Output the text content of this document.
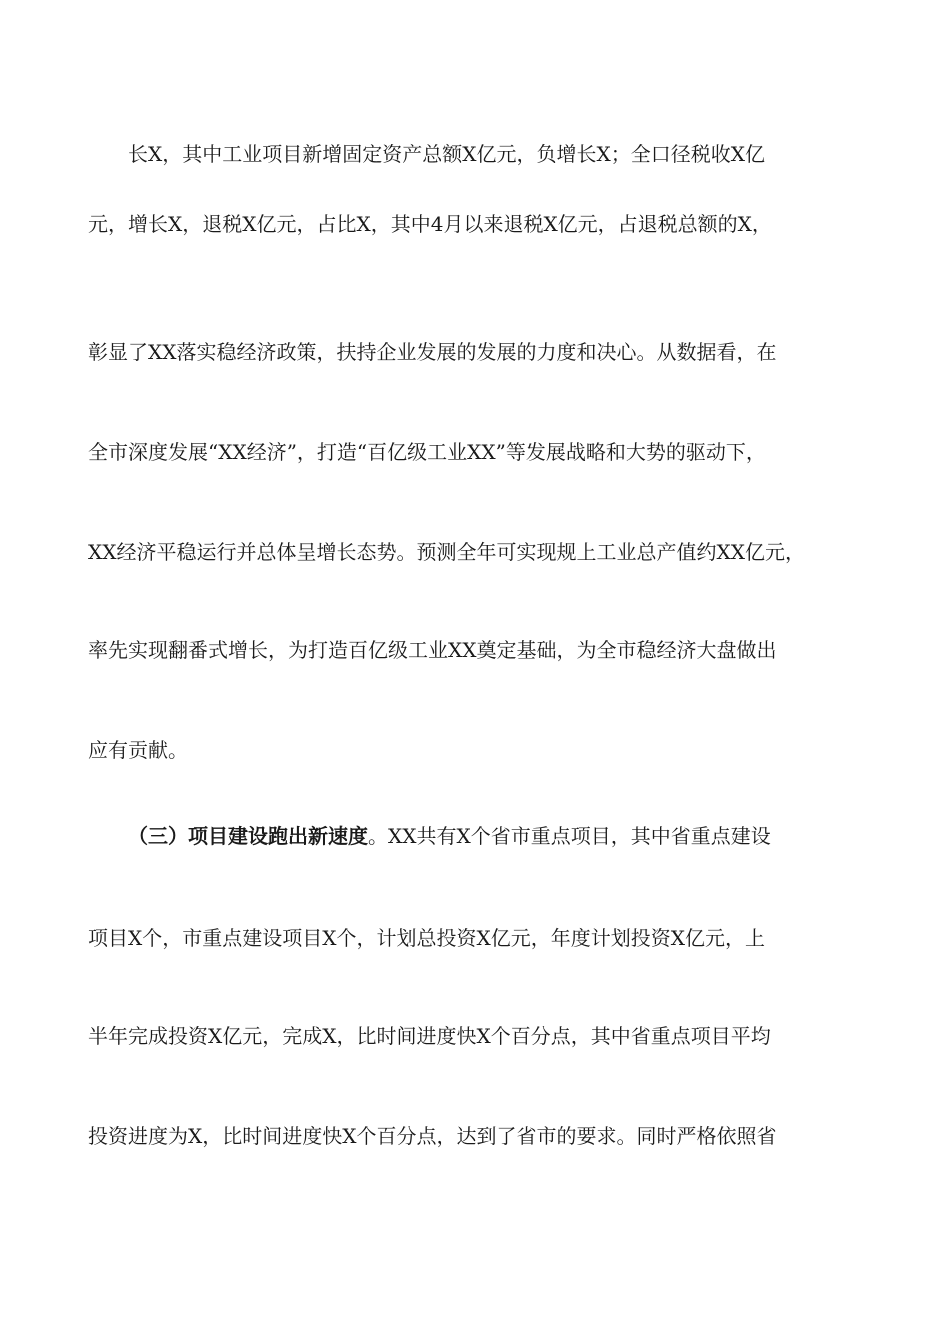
长X，其中工业项目新增固定资产总额X亿元，负增长X；全口径税收X亿
元，增长X，退税X亿元，占比X，其中4月以来退税X亿元，占退税总额的X，
彰显了XX落实稳经济政策，扶持企业发展的发展的力度和决心。从数据看，在
全市深度发展“XX经济”，打造“百亿级工业XX”等发展战略和大势的驱动下，
XX经济平稳运行并总体呈增长态势。预测全年可实现规上工业总产值约XX亿元，
率先实现翻番式增长，为打造百亿级工业XX奠定基础，为全市稳经济大盘做出
应有贡献。
（三）项目建设跑出新速度。XX共有X个省市重点项目，其中省重点建设
项目X个，市重点建设项目X个，计划总投资X亿元，年度计划投资X亿元，上
半年完成投资X亿元，完成X，比时间进度快X个百分点，其中省重点项目平均
投资进度为X，比时间进度快X个百分点，达到了省市的要求。同时严格依照省
